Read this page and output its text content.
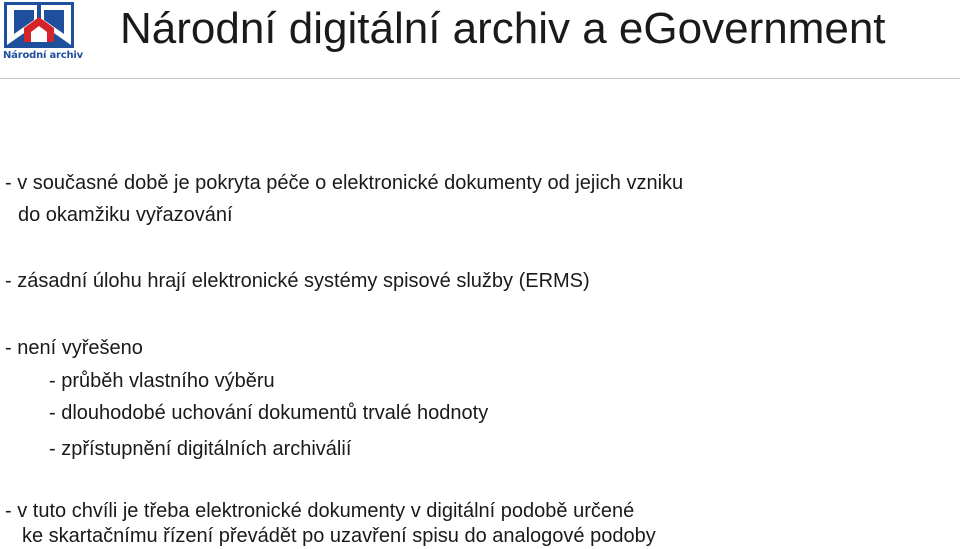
Národní archiv
Národní digitální archiv a eGovernment

- v současné době je pokryta péče o elektronické dokumenty od jejich vzniku

do okamžiku vyřazování

- zásadní úlohu hrají elektronické systémy spisové služby (ERMS)

- není vyřešeno

- průběh vlastního výběru

- dlouhodobé uchování dokumentů trvalé hodnoty

- zpřístupnění digitálních archiválií

- v tuto chvíli je třeba elektronické dokumenty v digitální podobě určené

ke skartačnímu řízení převádět po uzavření spisu do analogové podoby
